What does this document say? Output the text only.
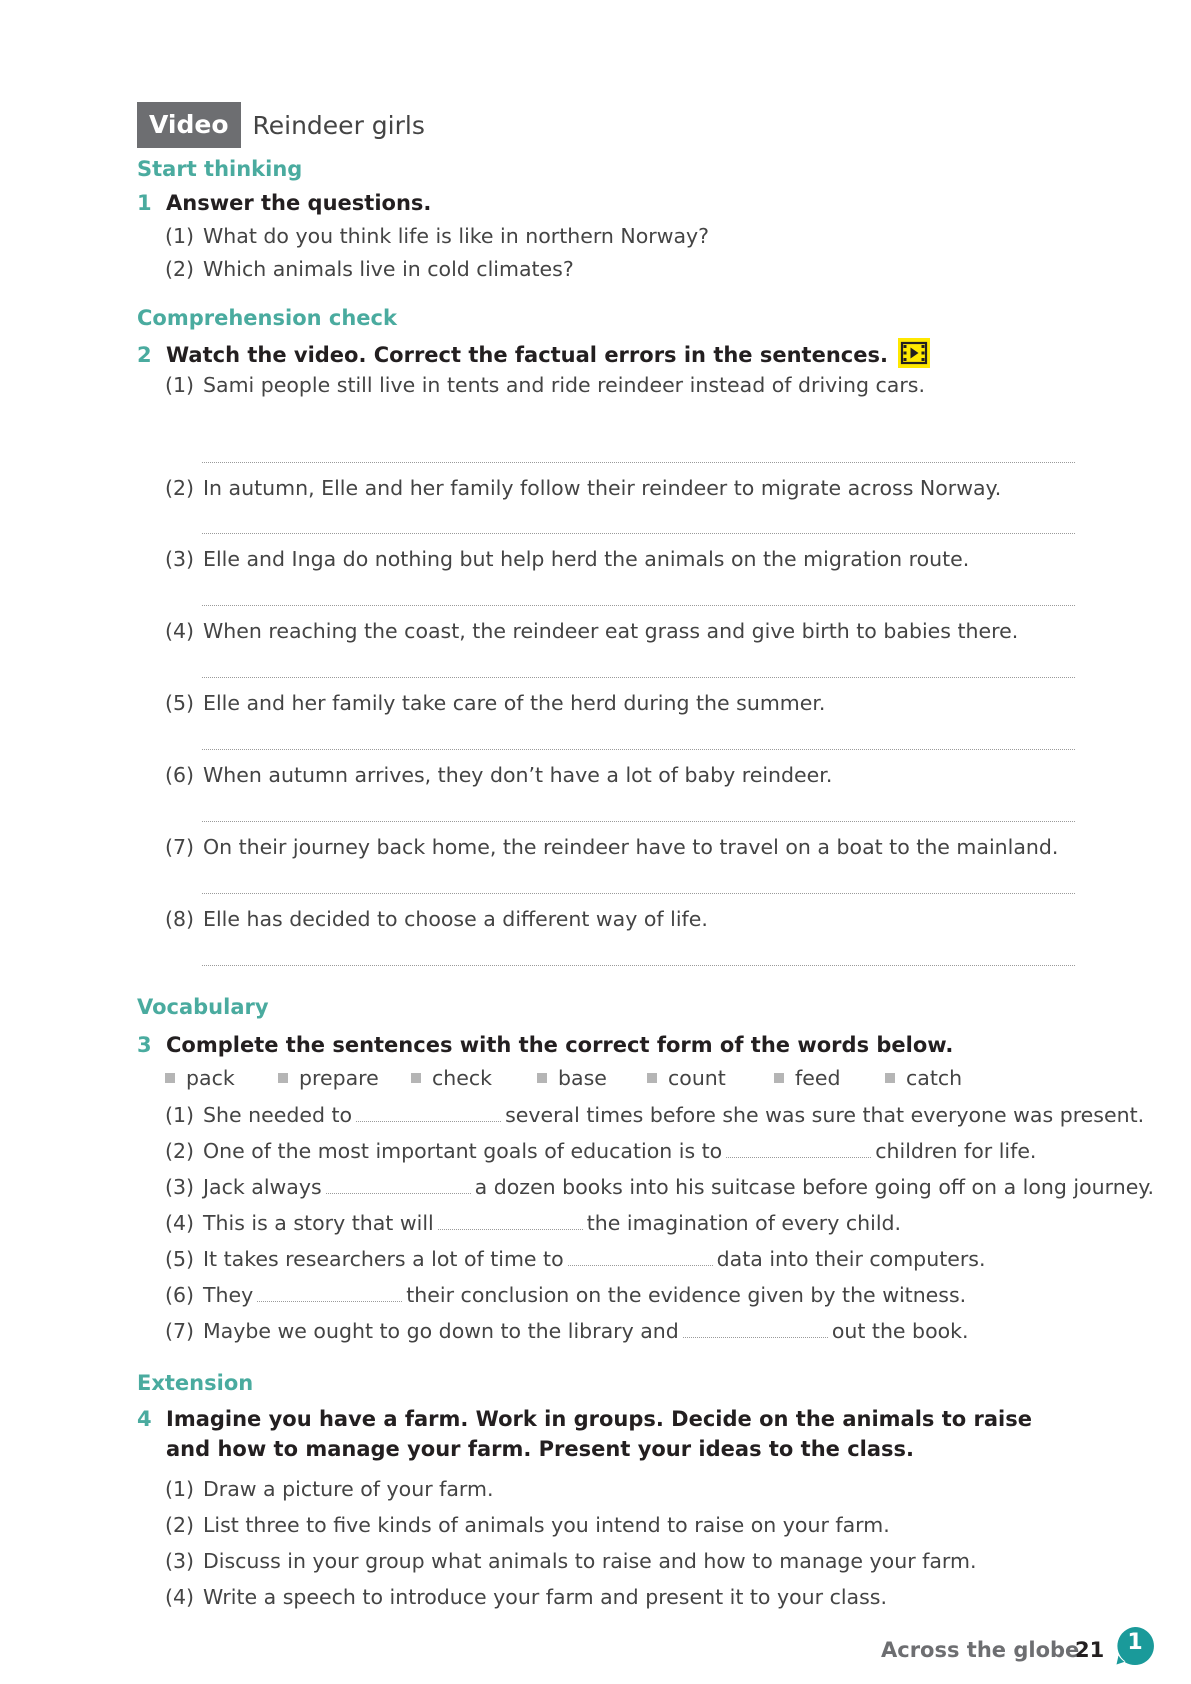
Video Reindeer girls
Start thinking
1 Answer the questions.
(1) What do you think life is like in northern Norway?
(2) Which animals live in cold climates?
Comprehension check
2 Watch the video. Correct the factual errors in the sentences.
(1) Sami people still live in tents and ride reindeer instead of driving cars.
(2) In autumn, Elle and her family follow their reindeer to migrate across Norway.
(3) Elle and Inga do nothing but help herd the animals on the migration route.
(4) When reaching the coast, the reindeer eat grass and give birth to babies there.
(5) Elle and her family take care of the herd during the summer.
(6) When autumn arrives, they don’t have a lot of baby reindeer.
(7) On their journey back home, the reindeer have to travel on a boat to the mainland.
(8) Elle has decided to choose a different way of life.
Vocabulary
3 Complete the sentences with the correct form of the words below.
pack	prepare	check	base	count	feed	catch
(1) She needed to	several times before she was sure that everyone was present.
(2) One of the most important goals of education is to	children for life.
(3) Jack always	a dozen books into his suitcase before going off on a long journey.
(4) This is a story that will	the imagination of every child.
(5) It takes researchers a lot of time to	data into their computers.
(6) They	their conclusion on the evidence given by the witness.
(7) Maybe we ought to go down to the library and	out the book.
Extension
4 Imagine you have a farm. Work in groups. Decide on the animals to raise and how to manage your farm. Present your ideas to the class.
(1) Draw a picture of your farm.
(2) List three to five kinds of animals you intend to raise on your farm.
(3) Discuss in your group what animals to raise and how to manage your farm.
(4) Write a speech to introduce your farm and present it to your class.
Across the globe
21	1
